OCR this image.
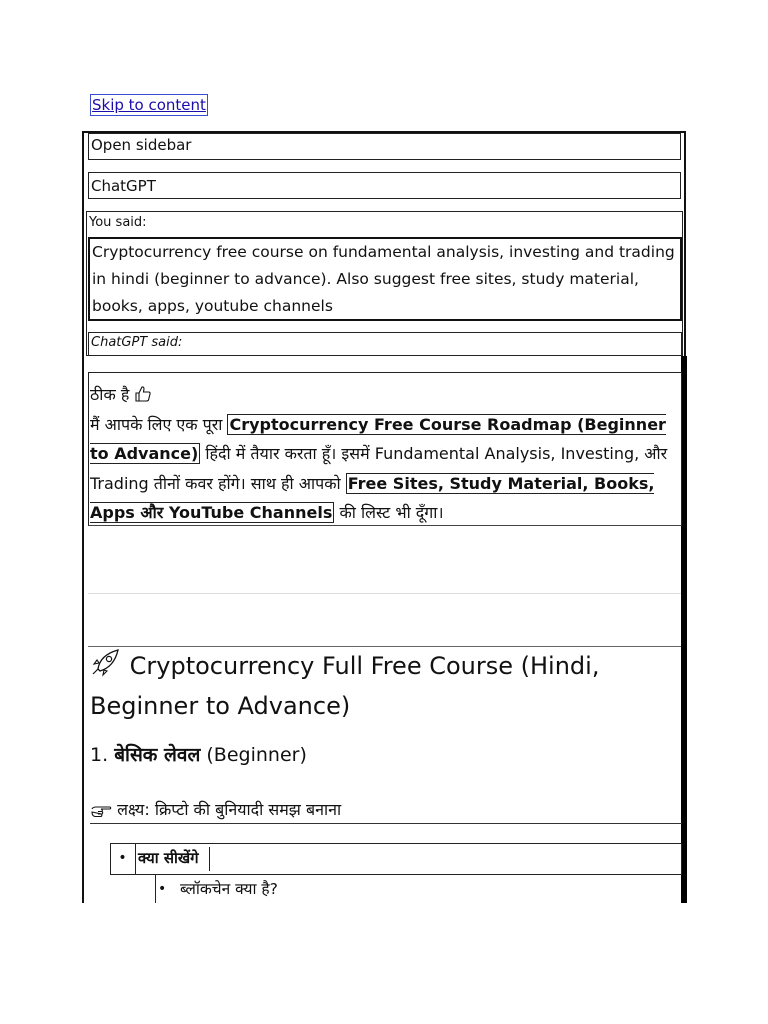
Skip to content
Open sidebar
ChatGPT
You said:
Cryptocurrency free course on fundamental analysis, investing and trading in hindi (beginner to advance). Also suggest free sites, study material, books, apps, youtube channels
ChatGPT said:
ठीक है
मैं आपके लिए एक पूरा Cryptocurrency Free Course Roadmap (Beginner to Advance) हिंदी में तैयार करता हूँ। इसमें Fundamental Analysis, Investing, और Trading तीनों कवर होंगे। साथ ही आपको Free Sites, Study Material, Books, Apps और YouTube Channels की लिस्ट भी दूँगा।
Cryptocurrency Full Free Course (Hindi, Beginner to Advance)
1. बेसिक लेवल (Beginner)
लक्ष्य: क्रिप्टो की बुनियादी समझ बनाना
• क्या सीखेंगे
• ब्लॉकचेन क्या है?
